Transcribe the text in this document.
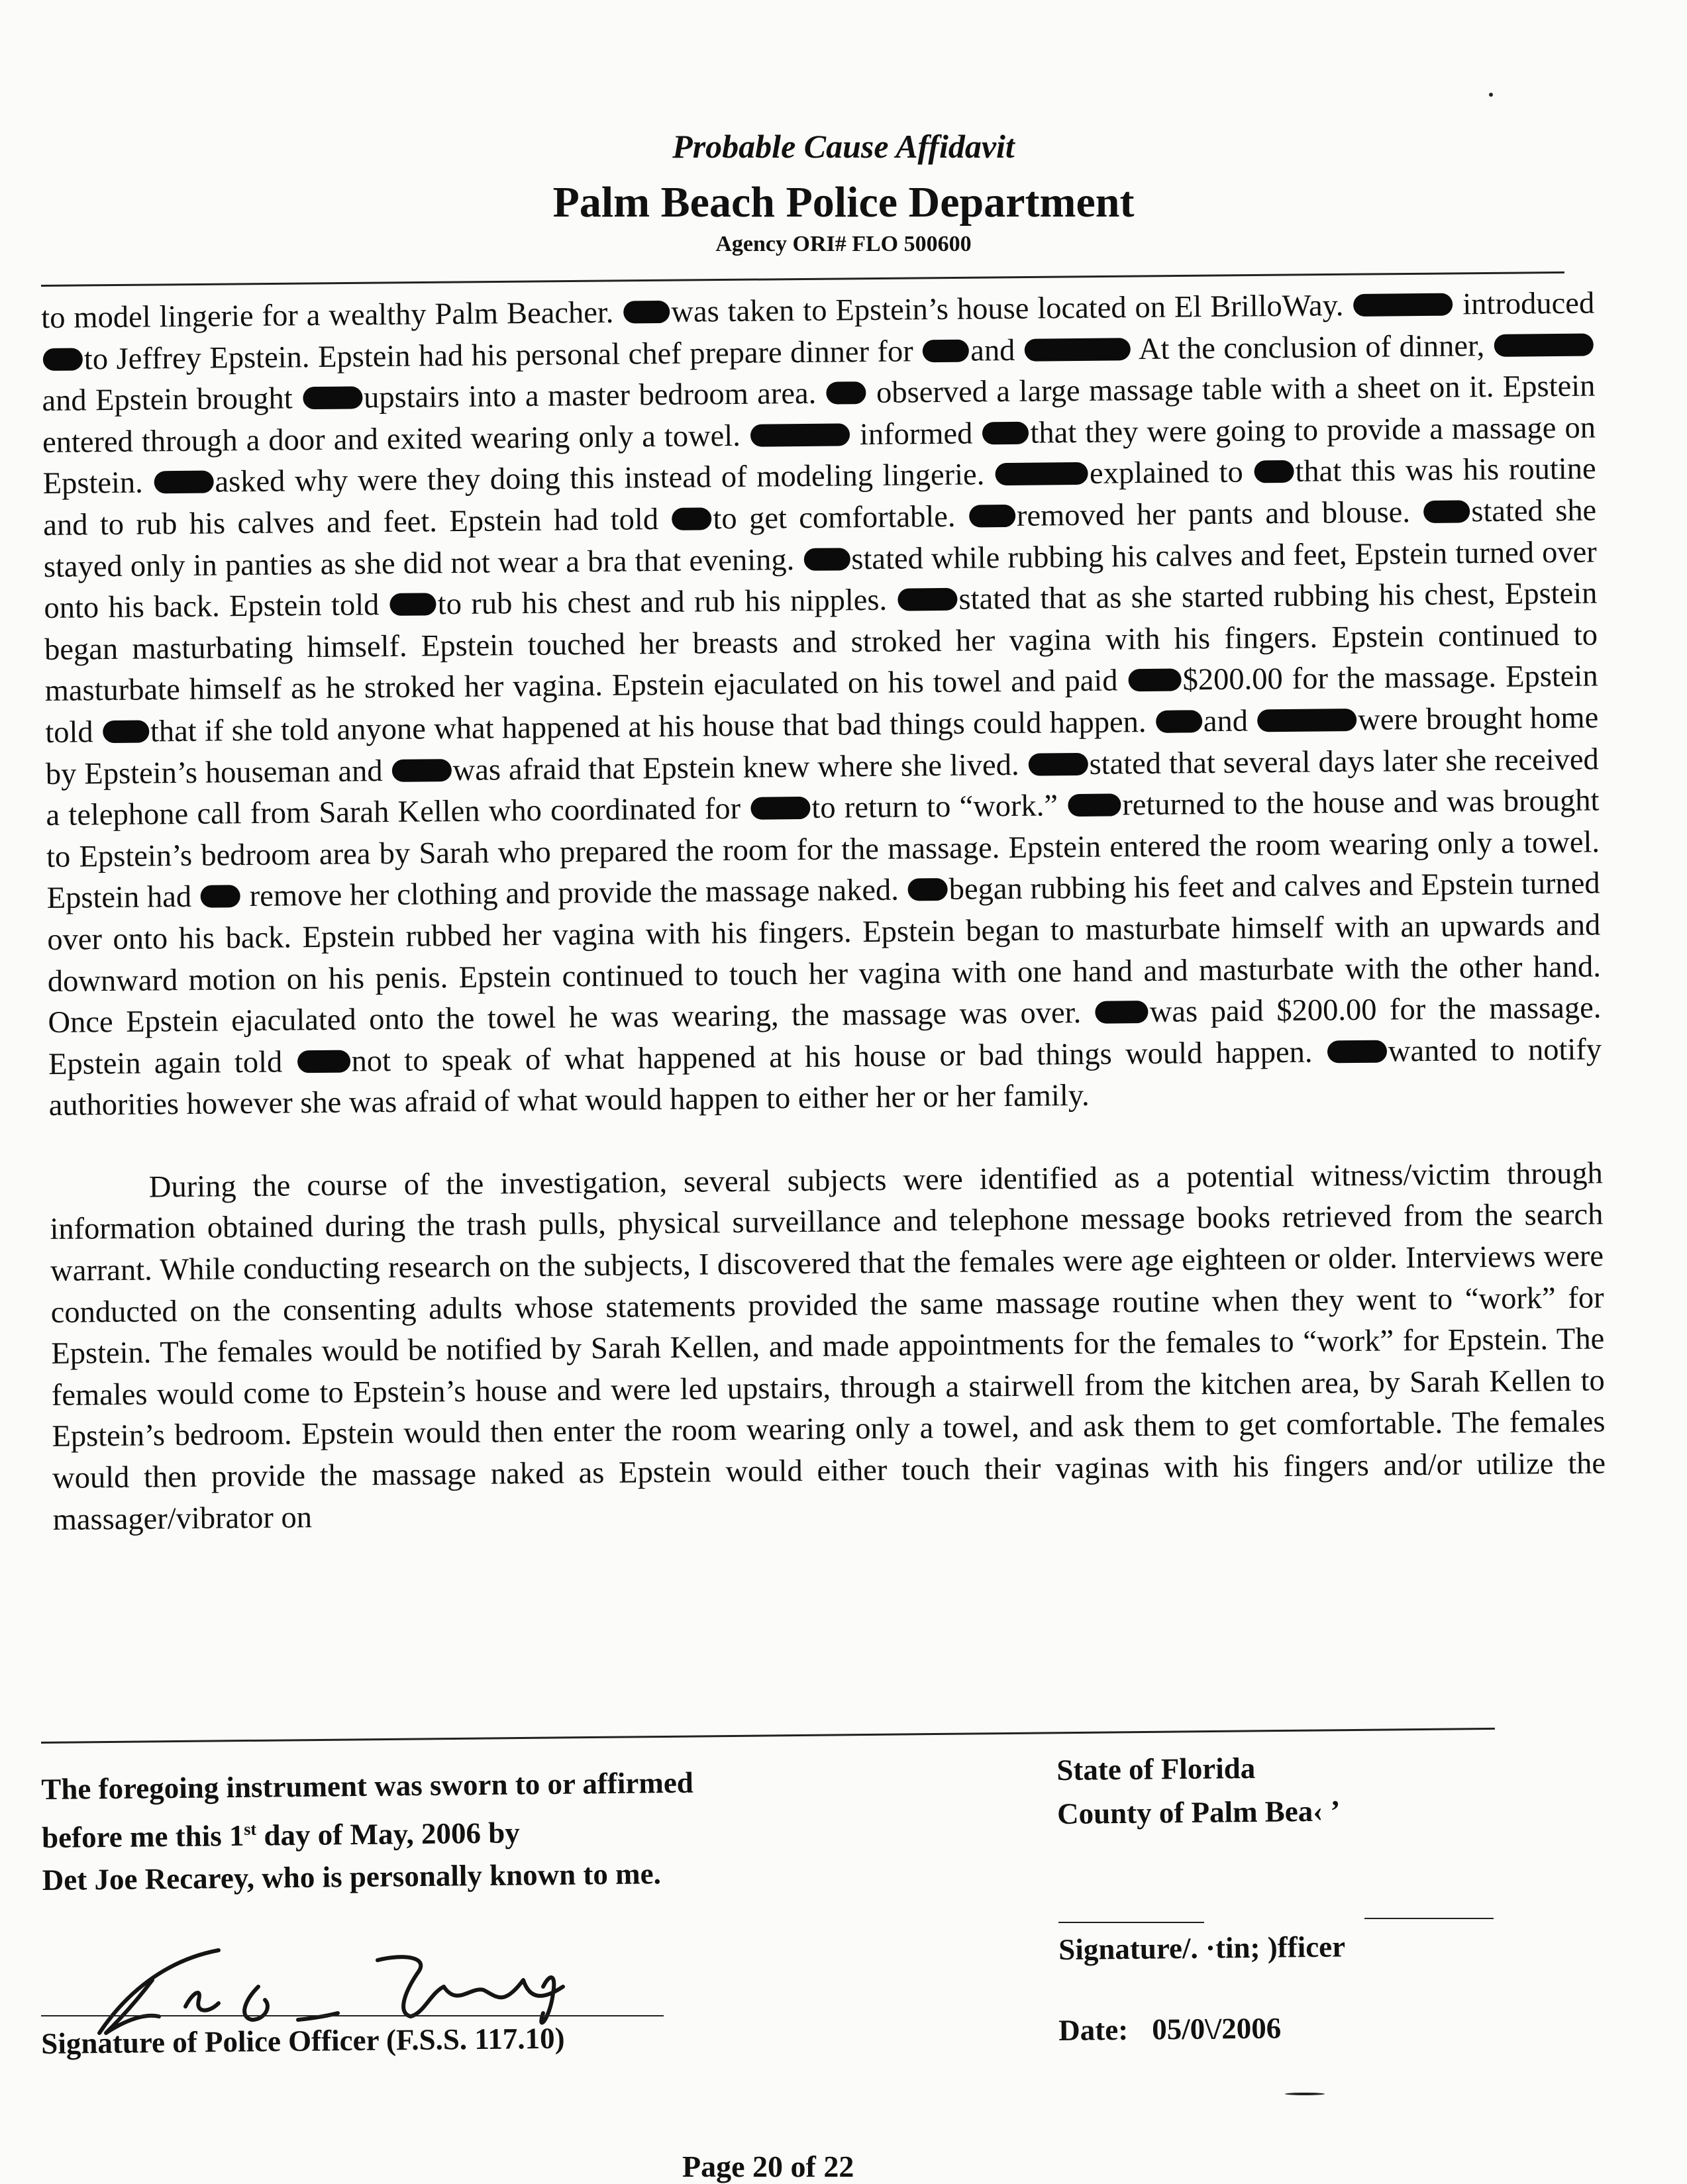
Probable Cause Affidavit
Palm Beach Police Department
Agency ORI# FLO 500600

to model lingerie for a wealthy Palm Beacher. was taken to Epstein’s house located on El BrilloWay.	introduced to Jeffrey Epstein. Epstein had his personal chef prepare dinner for and	At the conclusion of dinner, and Epstein brought upstairs into a master bedroom area.  observed a large massage table with a sheet on it. Epstein entered through a door and exited wearing only a towel.	informed that they were going to provide a massage on Epstein. asked why were they doing this instead of modeling lingerie.	explained to that this was his routine and to rub his calves and feet. Epstein had told to get comfortable. removed her pants and blouse. stated she stayed only in panties as she did not wear a bra that evening. stated while rubbing his calves and feet, Epstein turned over onto his back. Epstein told to rub his chest and rub his nipples. stated that as she started rubbing his chest, Epstein began masturbating himself. Epstein touched her breasts and stroked her vagina with his fingers. Epstein continued to masturbate himself as he stroked her vagina. Epstein ejaculated on his towel and paid $200.00 for the massage. Epstein told that if she told anyone what happened at his house that bad things could happen. and	were brought home by Epstein’s houseman and was afraid that Epstein knew where she lived. stated that several days later she received a telephone call from Sarah Kellen who coordinated for to return to “work.” returned to the house and was brought to Epstein’s bedroom area by Sarah who prepared the room for the massage. Epstein entered the room wearing only a towel. Epstein had  remove her clothing and provide the massage naked. began rubbing his feet and calves and Epstein turned over onto his back. Epstein rubbed her vagina with his fingers. Epstein began to masturbate himself with an upwards and downward motion on his penis. Epstein continued to touch her vagina with one hand and masturbate with the other hand. Once Epstein ejaculated onto the towel he was wearing, the massage was over. was paid $200.00 for the massage. Epstein again told not to speak of what happened at his house or bad things would happen. wanted to notify authorities however she was afraid of what would happen to either her or her family.

During the course of the investigation, several subjects were identified as a potential witness/victim through information obtained during the trash pulls, physical surveillance and telephone message books retrieved from the search warrant. While conducting research on the subjects, I discovered that the females were age eighteen or older. Interviews were conducted on the consenting adults whose statements provided the same massage routine when they went to “work” for Epstein. The females would be notified by Sarah Kellen, and made appointments for the females to “work” for Epstein. The females would come to Epstein’s house and were led upstairs, through a stairwell from the kitchen area, by Sarah Kellen to Epstein’s bedroom. Epstein would then enter the room wearing only a towel, and ask them to get comfortable. The females would then provide the massage naked as Epstein would either touch their vaginas with his fingers and/or utilize the massager/vibrator on

The foregoing instrument was sworn to or affirmed
before me this 1st day of May, 2006 by
Det Joe Recarey, who is personally known to me.
State of Florida
County of Palm Bea‹ ’
Signature/. ·tin; )fficer
Date: 05/0\/2006
Signature of Police Officer (F.S.S. 117.10)
Page 20 of 22
